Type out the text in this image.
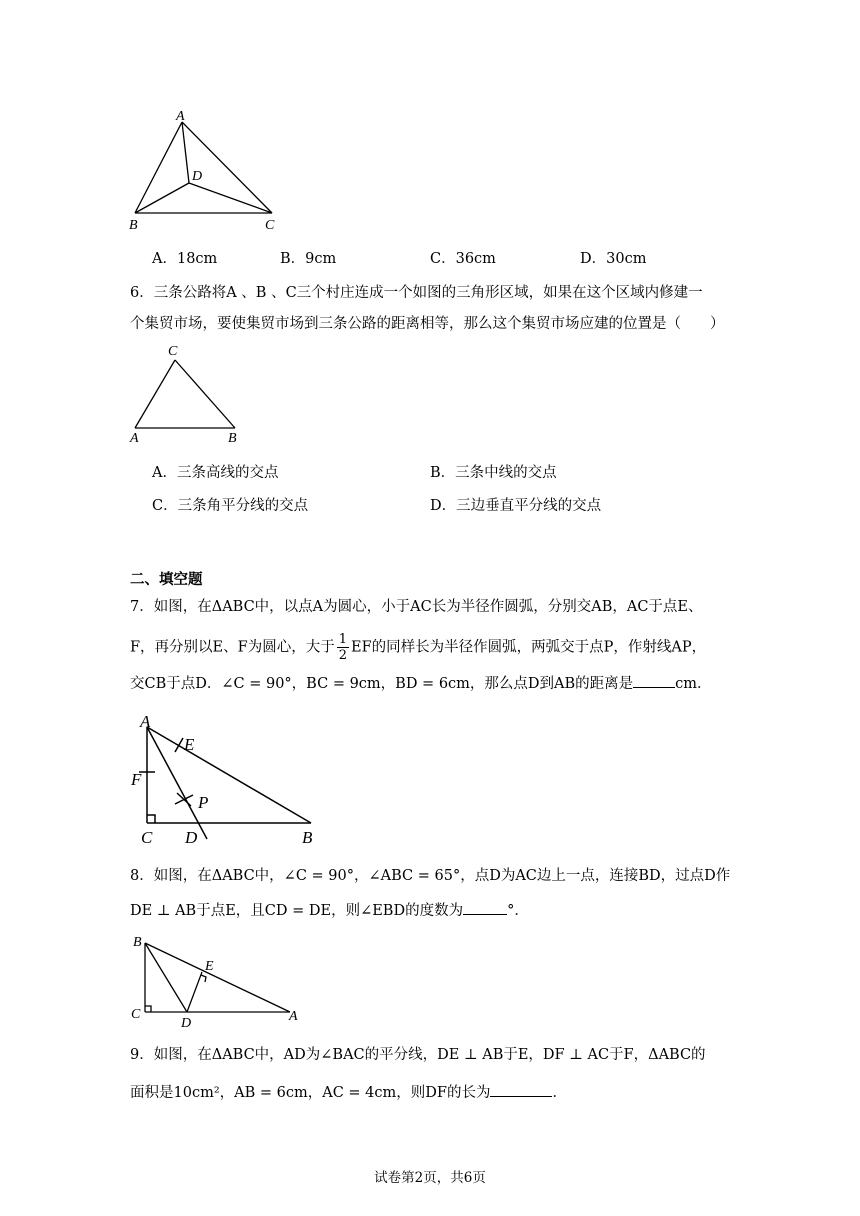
A
D
B	C
A．18cm	B．9cm	C．36cm	D．30cm
6．三条公路将A 、B 、C三个村庄连成一个如图的三角形区域，如果在这个区域内修建一
个集贸市场，要使集贸市场到三条公路的距离相等，那么这个集贸市场应建的位置是（　　）
C
A	B
A．三条高线的交点	B．三条中线的交点
C．三条角平分线的交点	D．三边垂直平分线的交点
二、填空题
7．如图，在ΔABC中，以点A为圆心，小于AC长为半径作圆弧，分别交AB，AC于点E、
F，再分别以E、F为圆心，大于 $\frac{1}{2}$ EF的同样长为半径作圆弧，两弧交于点P，作射线AP，
交CB于点D．∠C = 90°，BC = 9cm，BD = 6cm，那么点D到AB的距离是	cm．
A
E
F
P
C D	B
8．如图，在ΔABC中，∠C = 90°，∠ABC = 65°，点D为AC边上一点，连接BD，过点D作
DE ⊥ AB于点E，且CD = DE，则∠EBD的度数为	°．
B
E
C
D	A
9．如图，在ΔABC中，AD为∠BAC的平分线，DE ⊥ AB于E，DF ⊥ AC于F，ΔABC的
面积是10cm²，AB = 6cm，AC = 4cm，则DF的长为	．
试卷第2页，共6页
